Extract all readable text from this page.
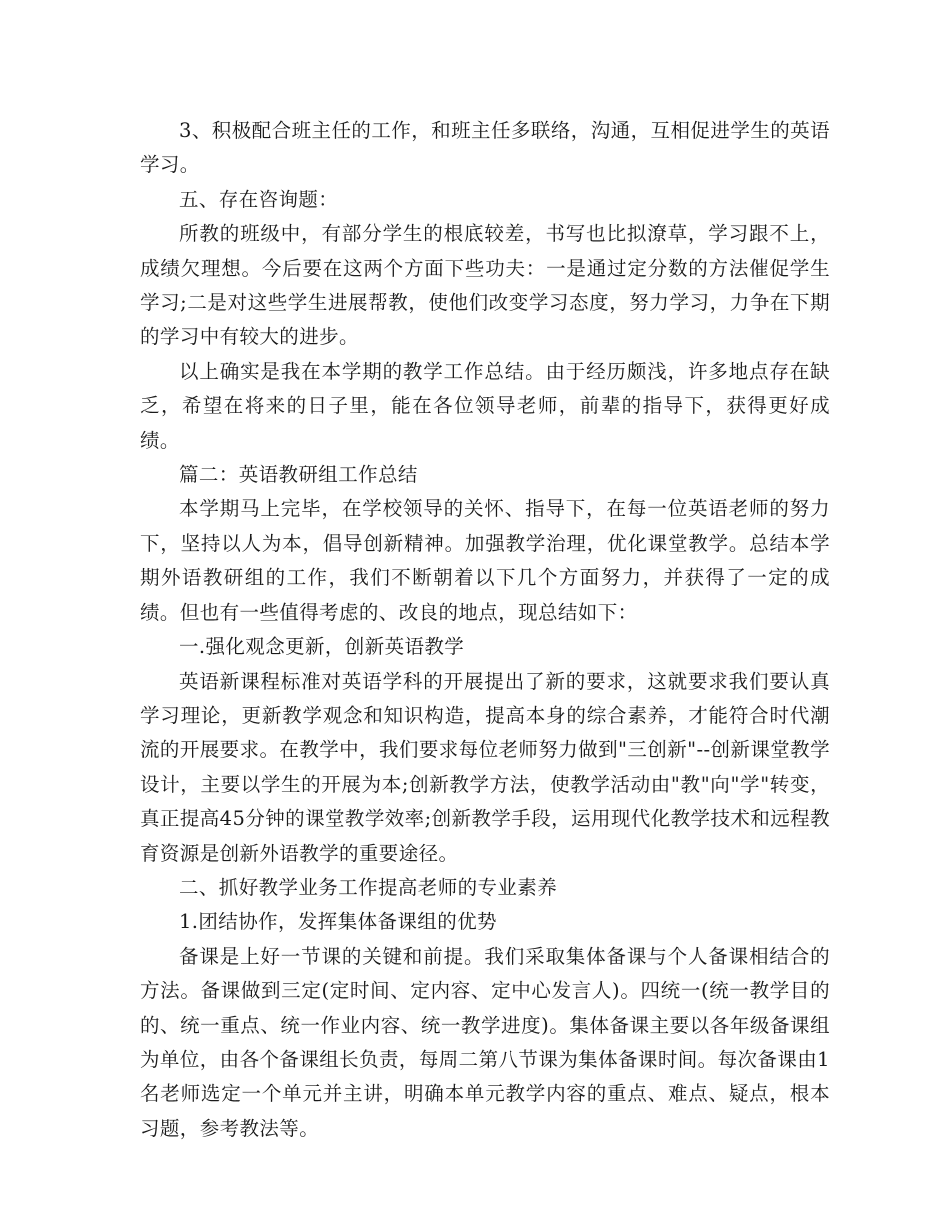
3、积极配合班主任的工作，和班主任多联络，沟通，互相促进学生的英语学习。

五、存在咨询题：

所教的班级中，有部分学生的根底较差，书写也比拟潦草，学习跟不上，成绩欠理想。今后要在这两个方面下些功夫：一是通过定分数的方法催促学生学习;二是对这些学生进展帮教，使他们改变学习态度，努力学习，力争在下期的学习中有较大的进步。

以上确实是我在本学期的教学工作总结。由于经历颇浅，许多地点存在缺乏，希望在将来的日子里，能在各位领导老师，前辈的指导下，获得更好成绩。

篇二：英语教研组工作总结

本学期马上完毕，在学校领导的关怀、指导下，在每一位英语老师的努力下，坚持以人为本，倡导创新精神。加强教学治理，优化课堂教学。总结本学期外语教研组的工作，我们不断朝着以下几个方面努力，并获得了一定的成绩。但也有一些值得考虑的、改良的地点，现总结如下：

一.强化观念更新，创新英语教学

英语新课程标准对英语学科的开展提出了新的要求，这就要求我们要认真学习理论，更新教学观念和知识构造，提高本身的综合素养，才能符合时代潮流的开展要求。在教学中，我们要求每位老师努力做到"三创新"--创新课堂教学设计，主要以学生的开展为本;创新教学方法，使教学活动由"教"向"学"转变，真正提高45分钟的课堂教学效率;创新教学手段，运用现代化教学技术和远程教育资源是创新外语教学的重要途径。

二、抓好教学业务工作提高老师的专业素养

1.团结协作，发挥集体备课组的优势

备课是上好一节课的关键和前提。我们采取集体备课与个人备课相结合的方法。备课做到三定(定时间、定内容、定中心发言人)。四统一(统一教学目的的、统一重点、统一作业内容、统一教学进度)。集体备课主要以各年级备课组为单位，由各个备课组长负责，每周二第八节课为集体备课时间。每次备课由1名老师选定一个单元并主讲，明确本单元教学内容的重点、难点、疑点，根本习题，参考教法等。
